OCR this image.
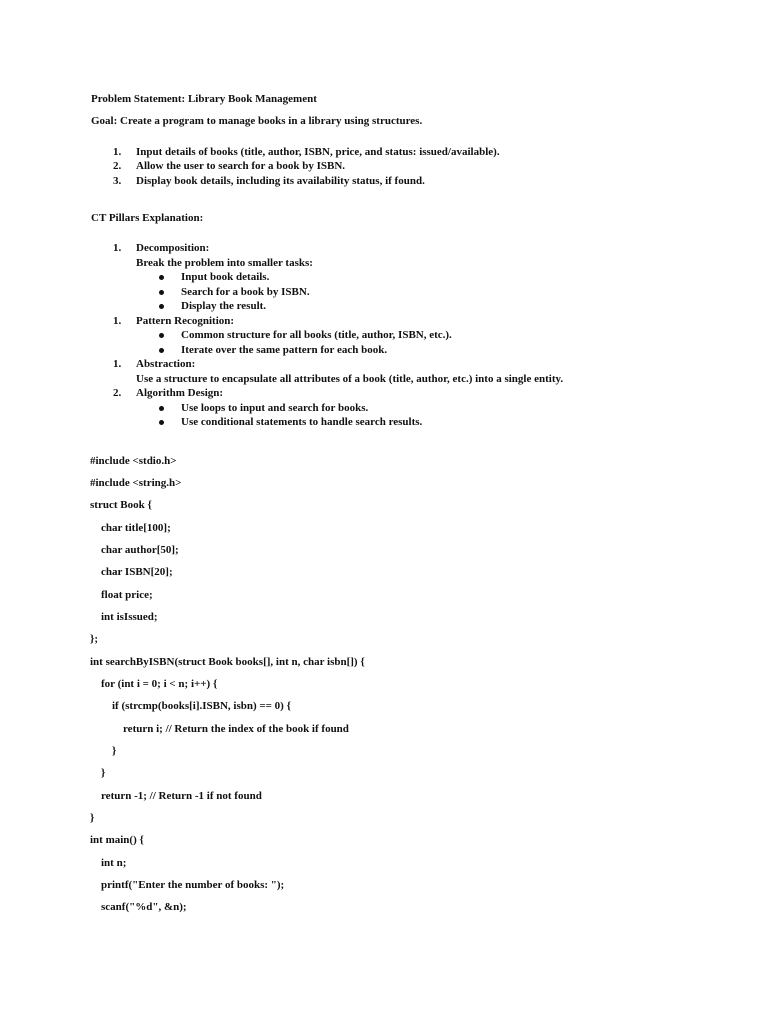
Problem Statement: Library Book Management
Goal: Create a program to manage books in a library using structures.
1. Input details of books (title, author, ISBN, price, and status: issued/available).
2. Allow the user to search for a book by ISBN.
3. Display book details, including its availability status, if found.
CT Pillars Explanation:
1. Decomposition:
Break the problem into smaller tasks:
Input book details.
Search for a book by ISBN.
Display the result.
1. Pattern Recognition:
Common structure for all books (title, author, ISBN, etc.).
Iterate over the same pattern for each book.
1. Abstraction:
Use a structure to encapsulate all attributes of a book (title, author, etc.) into a single entity.
2. Algorithm Design:
Use loops to input and search for books.
Use conditional statements to handle search results.
#include <stdio.h>
#include <string.h>
struct Book {
char title[100];
char author[50];
char ISBN[20];
float price;
int isIssued;
};
int searchByISBN(struct Book books[], int n, char isbn[]) {
for (int i = 0; i < n; i++) {
if (strcmp(books[i].ISBN, isbn) == 0) {
return i; // Return the index of the book if found
}
}
return -1; // Return -1 if not found
}
int main() {
int n;
printf("Enter the number of books: ");
scanf("%d", &n);
